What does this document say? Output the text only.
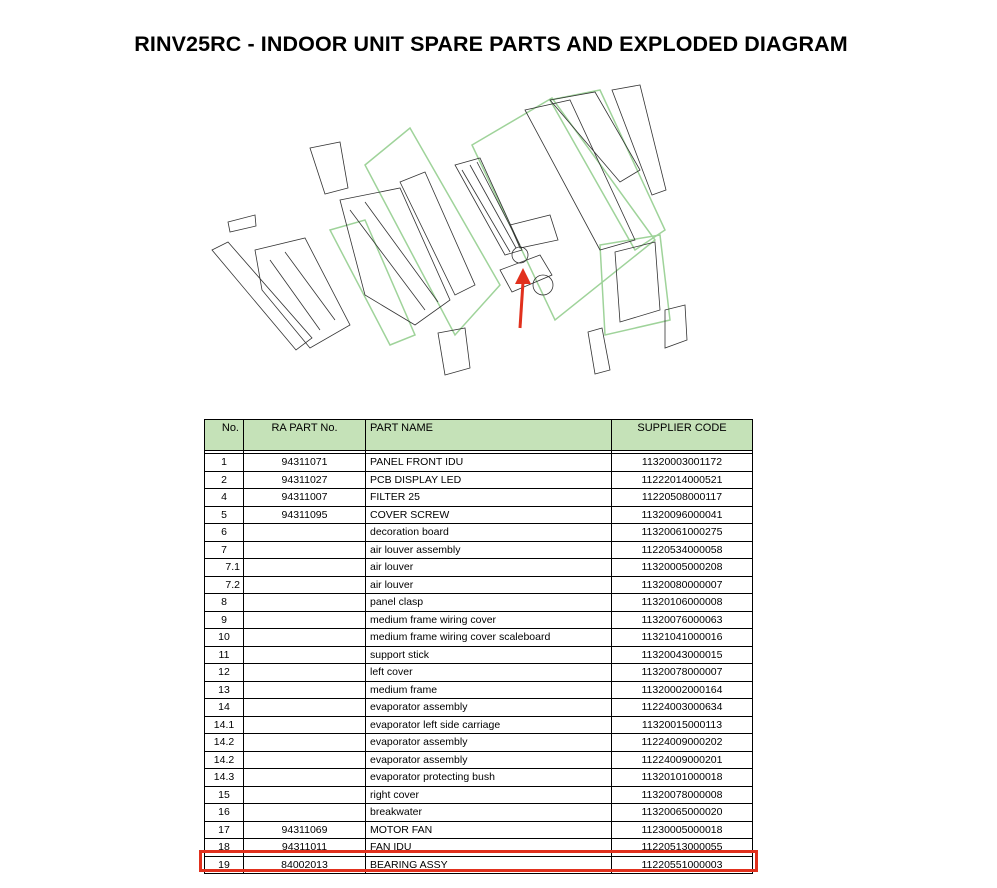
RINV25RC - INDOOR UNIT SPARE PARTS AND EXPLODED DIAGRAM
No.	RA PART No.	PART NAME	SUPPLIER CODE

1	94311071	PANEL FRONT IDU	11320003001172
2	94311027	PCB DISPLAY LED	11222014000521
4	94311007	FILTER 25	11220508000117
5	94311095	COVER SCREW	11320096000041
6		decoration board	11320061000275
7		air louver assembly	11220534000058
7.1		air louver	11320005000208
7.2		air louver	11320080000007
8		panel clasp	11320106000008
9		medium frame wiring cover	11320076000063
10		medium frame wiring cover scaleboard	11321041000016
11		support stick	11320043000015
12		left cover	11320078000007
13		medium frame	11320002000164
14		evaporator assembly	11224003000634
14.1		evaporator left side carriage	11320015000113
14.2		evaporator assembly	11224009000202
14.2		evaporator assembly	11224009000201
14.3		evaporator protecting bush	11320101000018
15		right cover	11320078000008
16		breakwater	11320065000020
17	94311069	MOTOR FAN	11230005000018
18	94311011	FAN IDU	11220513000055
19	84002013	BEARING ASSY	11220551000003
